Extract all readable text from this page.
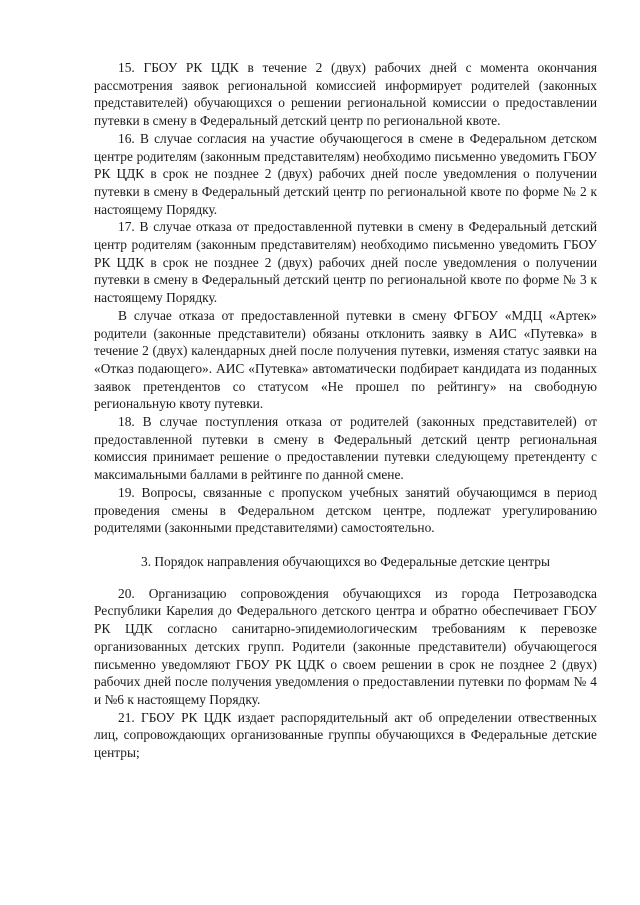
15. ГБОУ РК ЦДК в течение 2 (двух) рабочих дней с момента окончания рассмотрения заявок региональной комиссией информирует родителей (законных представителей) обучающихся о решении региональной комиссии о предоставлении путевки в смену в Федеральный детский центр по региональной квоте.

16. В случае согласия на участие обучающегося в смене в Федеральном детском центре родителям (законным представителям) необходимо письменно уведомить ГБОУ РК ЦДК в срок не позднее 2 (двух) рабочих дней после уведомления о получении путевки в смену в Федеральный детский центр по региональной квоте по форме № 2 к настоящему Порядку.

17. В случае отказа от предоставленной путевки в смену в Федеральный детский центр родителям (законным представителям) необходимо письменно уведомить ГБОУ РК ЦДК в срок не позднее 2 (двух) рабочих дней после уведомления о получении путевки в смену в Федеральный детский центр по региональной квоте по форме № 3 к настоящему Порядку.

В случае отказа от предоставленной путевки в смену ФГБОУ «МДЦ «Артек» родители (законные представители) обязаны отклонить заявку в АИС «Путевка» в течение 2 (двух) календарных дней после получения путевки, изменяя статус заявки на «Отказ подающего». АИС «Путевка» автоматически подбирает кандидата из поданных заявок претендентов со статусом «Не прошел по рейтингу» на свободную региональную квоту путевки.

18. В случае поступления отказа от родителей (законных представителей) от предоставленной путевки в смену в Федеральный детский центр региональная комиссия принимает решение о предоставлении путевки следующему претенденту с максимальными баллами в рейтинге по данной смене.

19. Вопросы, связанные с пропуском учебных занятий обучающимся в период проведения смены в Федеральном детском центре, подлежат урегулированию родителями (законными представителями) самостоятельно.

3. Порядок направления обучающихся во Федеральные детские центры

20. Организацию сопровождения обучающихся из города Петрозаводска Республики Карелия до Федерального детского центра и обратно обеспечивает ГБОУ РК ЦДК согласно санитарно-эпидемиологическим требованиям к перевозке организованных детских групп. Родители (законные представители) обучающегося письменно уведомляют ГБОУ РК ЦДК о своем решении в срок не позднее 2 (двух) рабочих дней после получения уведомления о предоставлении путевки по формам № 4 и №6 к настоящему Порядку.

21. ГБОУ РК ЦДК издает распорядительный акт об определении отвественных лиц, сопровождающих организованные группы обучающихся в Федеральные детские центры;
